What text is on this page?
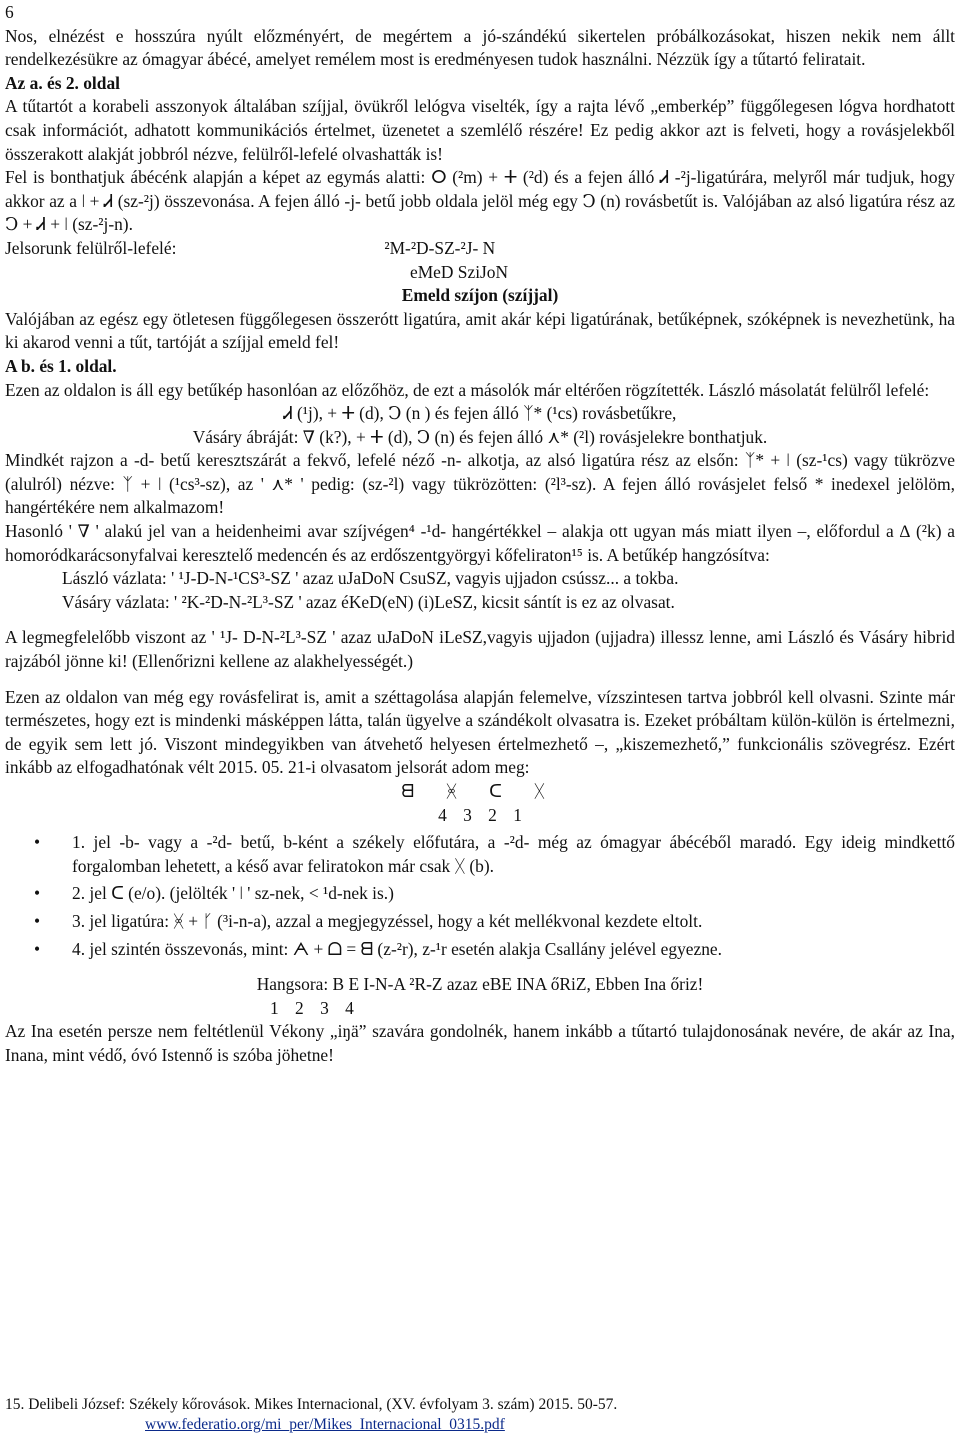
6

Nos, elnézést e hosszúra nyúlt előzményért, de megértem a jó-szándékú sikertelen próbálkozásokat, hiszen nekik nem állt rendelkezésükre az ómagyar ábécé, amelyet remélem most is eredményesen tudok használni. Nézzük így a tűtartó feliratait.

Az a. és 2. oldal

A tűtartót a korabeli asszonyok általában szíjjal, övükről lelógva viselték, így a rajta lévő „emberkép” függőlegesen lógva hordhatott csak információt, adhatott kommunikációs értelmet, üzenetet a szemlélő részére! Ez pedig akkor azt is felveti, hogy a rovásjelekből összerakott alakját jobbról nézve, felülről-lefelé olvashatták is!

Fel is bonthatjuk ábécénk alapján a képet az egymás alatti: ⵔ (²m) + ⵜ (²d) és a fejen álló Ꮧ -²j-ligatúrára, melyről már tudjuk, hogy akkor az a ǀ + Ꮧ (sz-²j) összevonása. A fejen álló -j- betű jobb oldala jelöl még egy Ↄ (n) rovásbetűt is. Valójában az alsó ligatúra rész az Ↄ + Ꮧ + ǀ (sz-²j-n).

Jelsorunk felülről-lefelé:	²M-²D-SZ-²J- N

eMeD SziJoN

Emeld szíjon (szíjjal)

Valójában az egész egy ötletesen függőlegesen összerótt ligatúra, amit akár képi ligatúrának, betűképnek, szóképnek is nevezhetünk, ha ki akarod venni a tűt, tartóját a szíjjal emeld fel!

A b. és 1. oldal.

Ezen az oldalon is áll egy betűkép hasonlóan az előzőhöz, de ezt a másolók már eltérően rögzítették. László másolatát felülről lefelé:

Ꮧ (¹j), + ⵜ (d), Ↄ (n ) és fejen álló ᛉ* (¹cs) rovásbetűkre,

Vásáry ábráját: ∇ (k?), + ⵜ (d), Ↄ (n) és fejen álló ⋏* (²l) rovásjelekre bonthatjuk.

Mindkét rajzon a -d- betű keresztszárát a fekvő, lefelé néző -n- alkotja, az alsó ligatúra rész az elsőn: ᛉ* + ǀ (sz-¹cs) vagy tükrözve (alulról) nézve: ᛉ + ǀ (¹cs³-sz), az ' ⋏* ' pedig: (sz-²l) vagy tükrözötten: (²l³-sz). A fejen álló rovásjelet felső * inedexel jelölöm, hangértékére nem alkalmazom!

Hasonló ' ∇ ' alakú jel van a heidenheimi avar szíjvégen⁴ -¹d- hangértékkel – alakja ott ugyan más miatt ilyen –, előfordul a ∆ (²k) a homoródkarácsonyfalvai keresztelő medencén és az erdőszentgyörgyi kőfeliraton¹⁵ is. A betűkép hangzósítva:

László vázlata: ' ¹J-D-N-¹CS³-SZ ' azaz uJaDoN CsuSZ, vagyis ujjadon csússz... a tokba.

Vásáry vázlata: ' ²K-²D-N-²L³-SZ ' azaz éKeD(eN) (i)LeSZ, kicsit sántít is ez az olvasat.

A legmegfelelőbb viszont az ' ¹J- D-N-²L³-SZ ' azaz uJaDoN iLeSZ,vagyis ujjadon (ujjadra) illessz lenne, ami László és Vásáry hibrid rajzából jönne ki! (Ellenőrizni kellene az alakhelyességét.)

Ezen az oldalon van még egy rovásfelirat is, amit a széttagolása alapján felemelve, vízszintesen tartva jobbról kell olvasni. Szinte már természetes, hogy ezt is mindenki másképpen látta, talán ügyelve a szándékolt olvasatra is. Ezeket próbáltam külön-külön is értelmezni, de egyik sem lett jó. Viszont mindegyikben van átvehető helyesen értelmezhető –, „kiszemezhető,” funkcionális szövegrész. Ezért inkább az elfogadhatónak vélt 2015. 05. 21-i olvasatom jelsorát adom meg:

ᗺ ᚸ ᑕ ᚷ

4 3 2 1

• 1. jel -b- vagy a -²d- betű, b-ként a székely előfutára, a -²d- még az ómagyar ábécéből maradó. Egy ideig mindkettő forgalomban lehetett, a késő avar feliratokon már csak ᚷ (b).
• 2. jel ᑕ (e/o). (jelölték ' ǀ ' sz-nek, < ¹d-nek is.)
• 3. jel ligatúra: ᚸ + ᚴ (³i-n-a), azzal a megjegyzéssel, hogy a két mellékvonal kezdete eltolt.
• 4. jel szintén összevonás, mint: ᗅ + ᗝ = ᗺ (z-²r), z-¹r esetén alakja Csallány jelével egyezne.

Hangsora: B E I-N-A ²R-Z azaz eBE INA őRiZ, Ebben Ina őriz!

1 2 3 4

Az Ina esetén persze nem feltétlenül Vékony „iŋä” szavára gondolnék, hanem inkább a tűtartó tulajdonosának nevére, de akár az Ina, Inana, mint védő, óvó Istennő is szóba jöhetne!

15. Delibeli József: Székely kőrovások. Mikes Internacional, (XV. évfolyam 3. szám) 2015. 50-57.
www.federatio.org/mi_per/Mikes_Internacional_0315.pdf
